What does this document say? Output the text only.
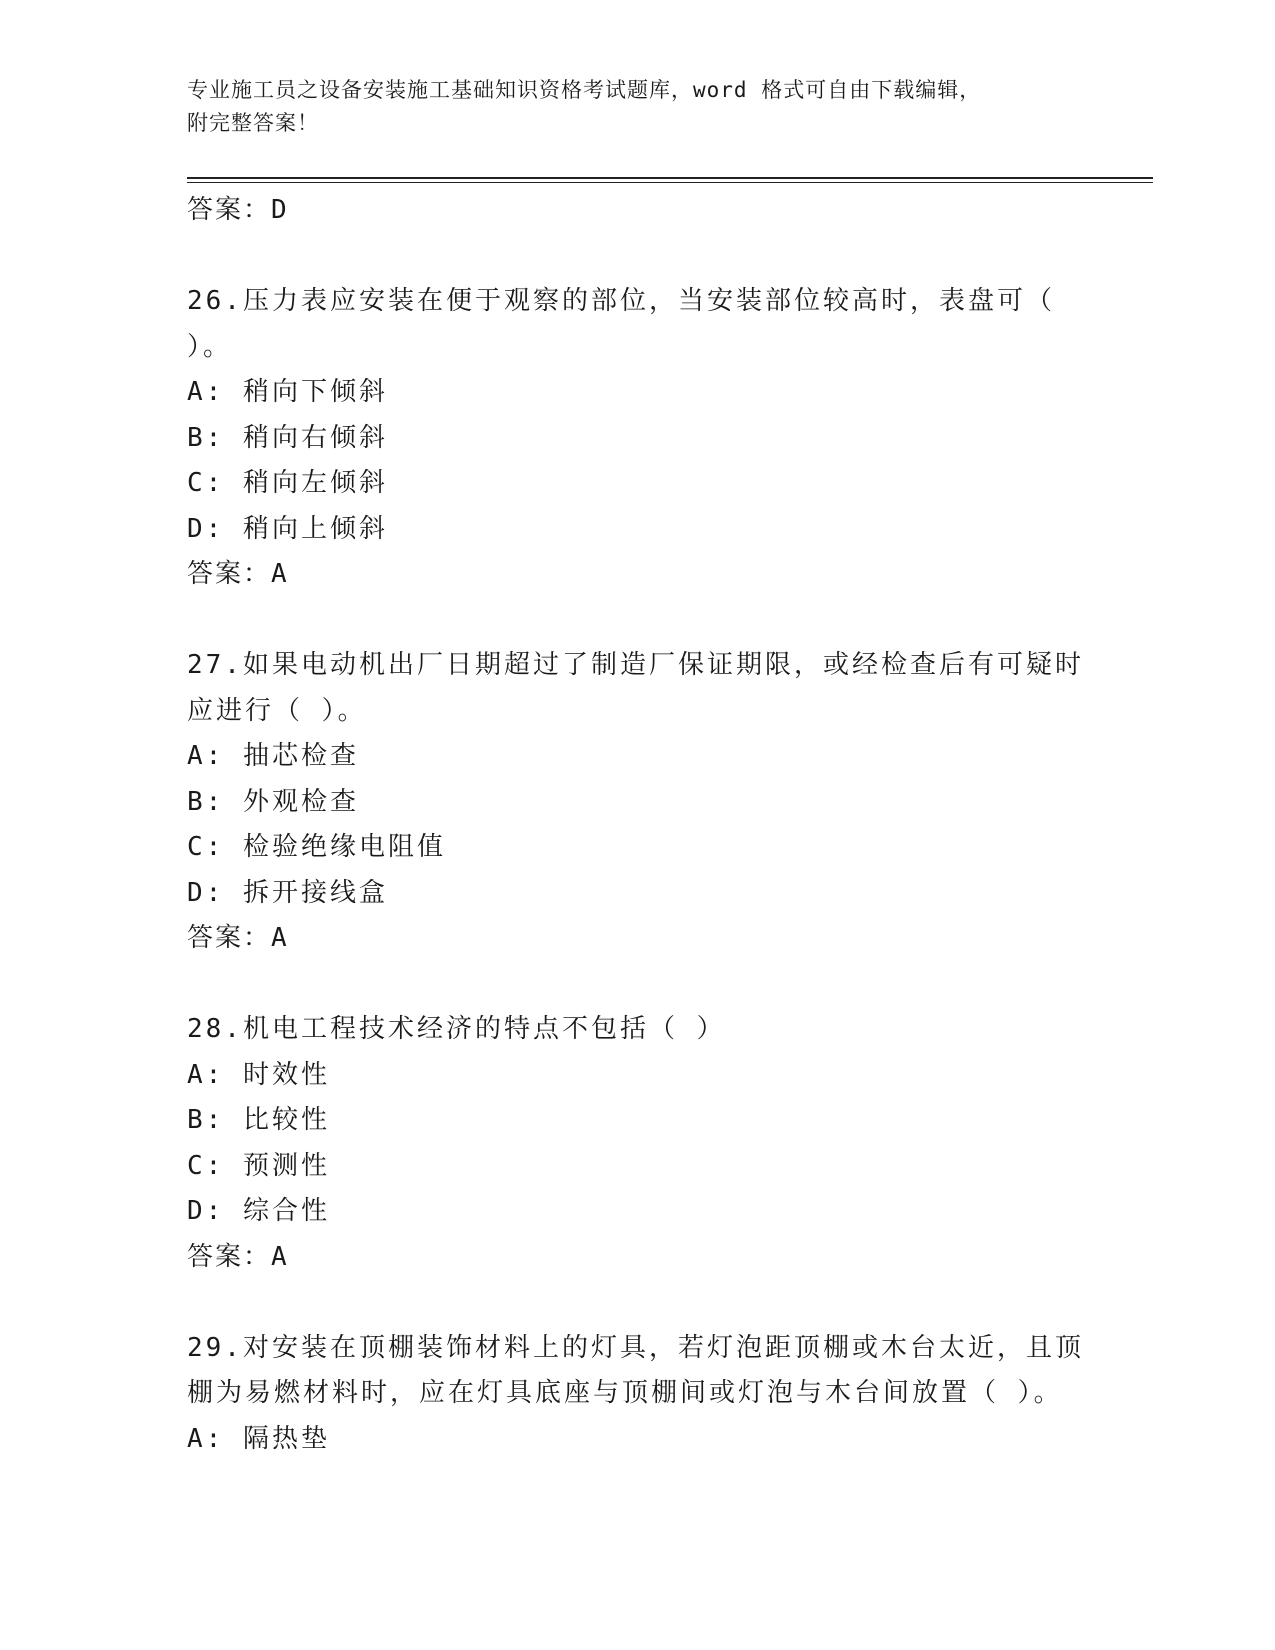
专业施工员之设备安装施工基础知识资格考试题库，word 格式可自由下载编辑，
附完整答案！
答案：D
26.压力表应安装在便于观察的部位，当安装部位较高时，表盘可（
）。
A: 稍向下倾斜
B: 稍向右倾斜
C: 稍向左倾斜
D: 稍向上倾斜
答案：A
27.如果电动机出厂日期超过了制造厂保证期限，或经检查后有可疑时
应进行（ ）。
A: 抽芯检查
B: 外观检查
C: 检验绝缘电阻值
D: 拆开接线盒
答案：A
28.机电工程技术经济的特点不包括（ ）
A: 时效性
B: 比较性
C: 预测性
D: 综合性
答案：A
29.对安装在顶棚装饰材料上的灯具，若灯泡距顶棚或木台太近，且顶
棚为易燃材料时，应在灯具底座与顶棚间或灯泡与木台间放置（ ）。
A: 隔热垫
